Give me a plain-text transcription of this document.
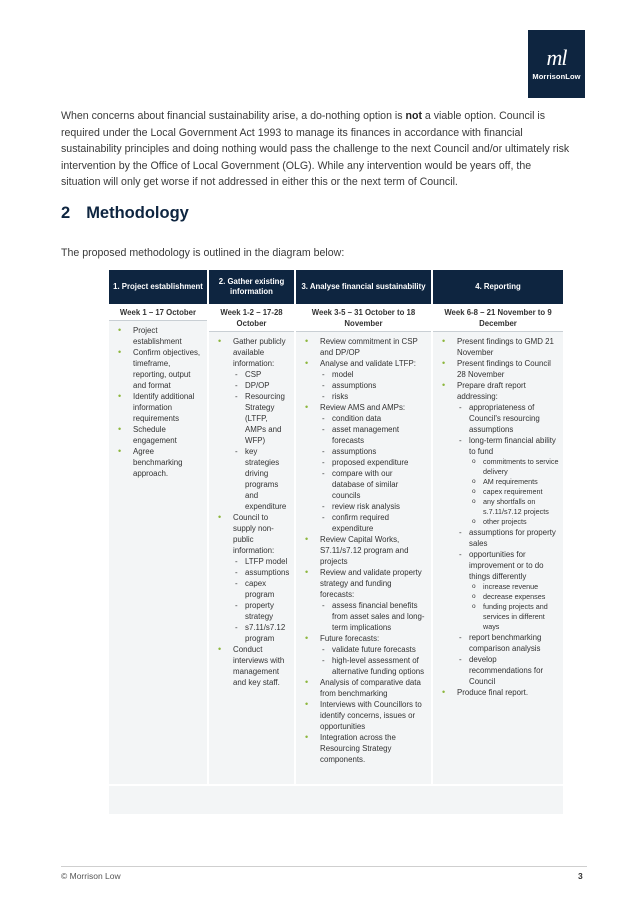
ml
MorrisonLow

When concerns about financial sustainability arise, a do-nothing option is not a viable option. Council is required under the Local Government Act 1993 to manage its finances in accordance with financial sustainability principles and doing nothing would pass the challenge to the next Council and/or ultimately risk intervention by the Office of Local Government (OLG). While any intervention would be years off, the situation will only get worse if not addressed in either this or the next term of Council.

2 Methodology
The proposed methodology is outlined in the diagram below:
1. Project establishment
Week 1 – 17 October
• Project establishment
• Confirm objectives, timeframe, reporting, output and format
• Identify additional information requirements
• Schedule engagement
• Agree benchmarking approach.
2. Gather existing information
Week 1-2 – 17-28 October
• Gather publicly available information:
- CSP
- DP/OP
- Resourcing Strategy (LTFP, AMPs and WFP)
- key strategies driving programs and expenditure
• Council to supply non-public information:
- LTFP model
- assumptions
- capex program
- property strategy
- s7.11/s7.12 program
• Conduct interviews with management and key staff.
3. Analyse financial sustainability
Week 3-5 – 31 October to 18 November
• Review commitment in CSP and DP/OP
• Analyse and validate LTFP:
- model
- assumptions
- risks
• Review AMS and AMPs:
- condition data
- asset management forecasts
- assumptions
- proposed expenditure
- compare with our database of similar councils
- review risk analysis
- confirm required expenditure
• Review Capital Works, S7.11/s7.12 program and projects
• Review and validate property strategy and funding forecasts:
- assess financial benefits from asset sales and long-term implications
• Future forecasts:
- validate future forecasts
- high-level assessment of alternative funding options
• Analysis of comparative data from benchmarking
• Interviews with Councillors to identify concerns, issues or opportunities
• Integration across the Resourcing Strategy components.
4. Reporting
Week 6-8 – 21 November to 9 December
• Present findings to GMD 21 November
• Present findings to Council 28 November
• Prepare draft report addressing:
- appropriateness of Council's resourcing assumptions
- long-term financial ability to fund
o commitments to service delivery
o AM requirements
o capex requirement
o any shortfalls on s.7.11/s7.12 projects
o other projects
- assumptions for property sales
- opportunities for improvement or to do things differently
o increase revenue
o decrease expenses
o funding projects and services in different ways
- report benchmarking comparison analysis
- develop recommendations for Council
• Produce final report.
© Morrison Low	3
